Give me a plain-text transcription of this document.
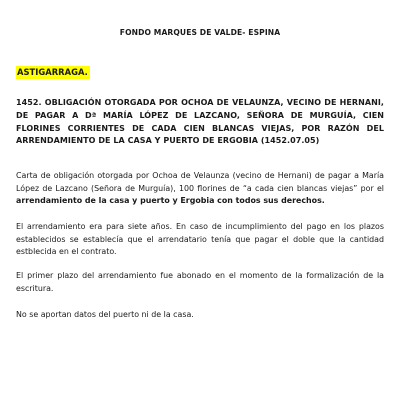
FONDO MARQUES DE VALDE- ESPINA
ASTIGARRAGA.
1452. OBLIGACIÓN OTORGADA POR OCHOA DE VELAUNZA, VECINO DE HERNANI, DE PAGAR A Dª MARÍA LÓPEZ DE LAZCANO, SEÑORA DE MURGUÍA, CIEN FLORINES CORRIENTES DE CADA CIEN BLANCAS VIEJAS, POR RAZÓN DEL ARRENDAMIENTO DE LA CASA Y PUERTO DE ERGOBIA (1452.07.05)
Carta de obligación otorgada por Ochoa de Velaunza (vecino de Hernani) de pagar a María López de Lazcano (Señora de Murguía), 100 florines de “a cada cien blancas viejas” por el arrendamiento de la casa y puerto y Ergobia con todos sus derechos.
El arrendamiento era para siete años. En caso de incumplimiento del pago en los plazos establecidos se establecía que el arrendatario tenía que pagar el doble que la cantidad estblecida en el contrato.
El primer plazo del arrendamiento fue abonado en el momento de la formalización de la escritura.
No se aportan datos del puerto ni de la casa.
